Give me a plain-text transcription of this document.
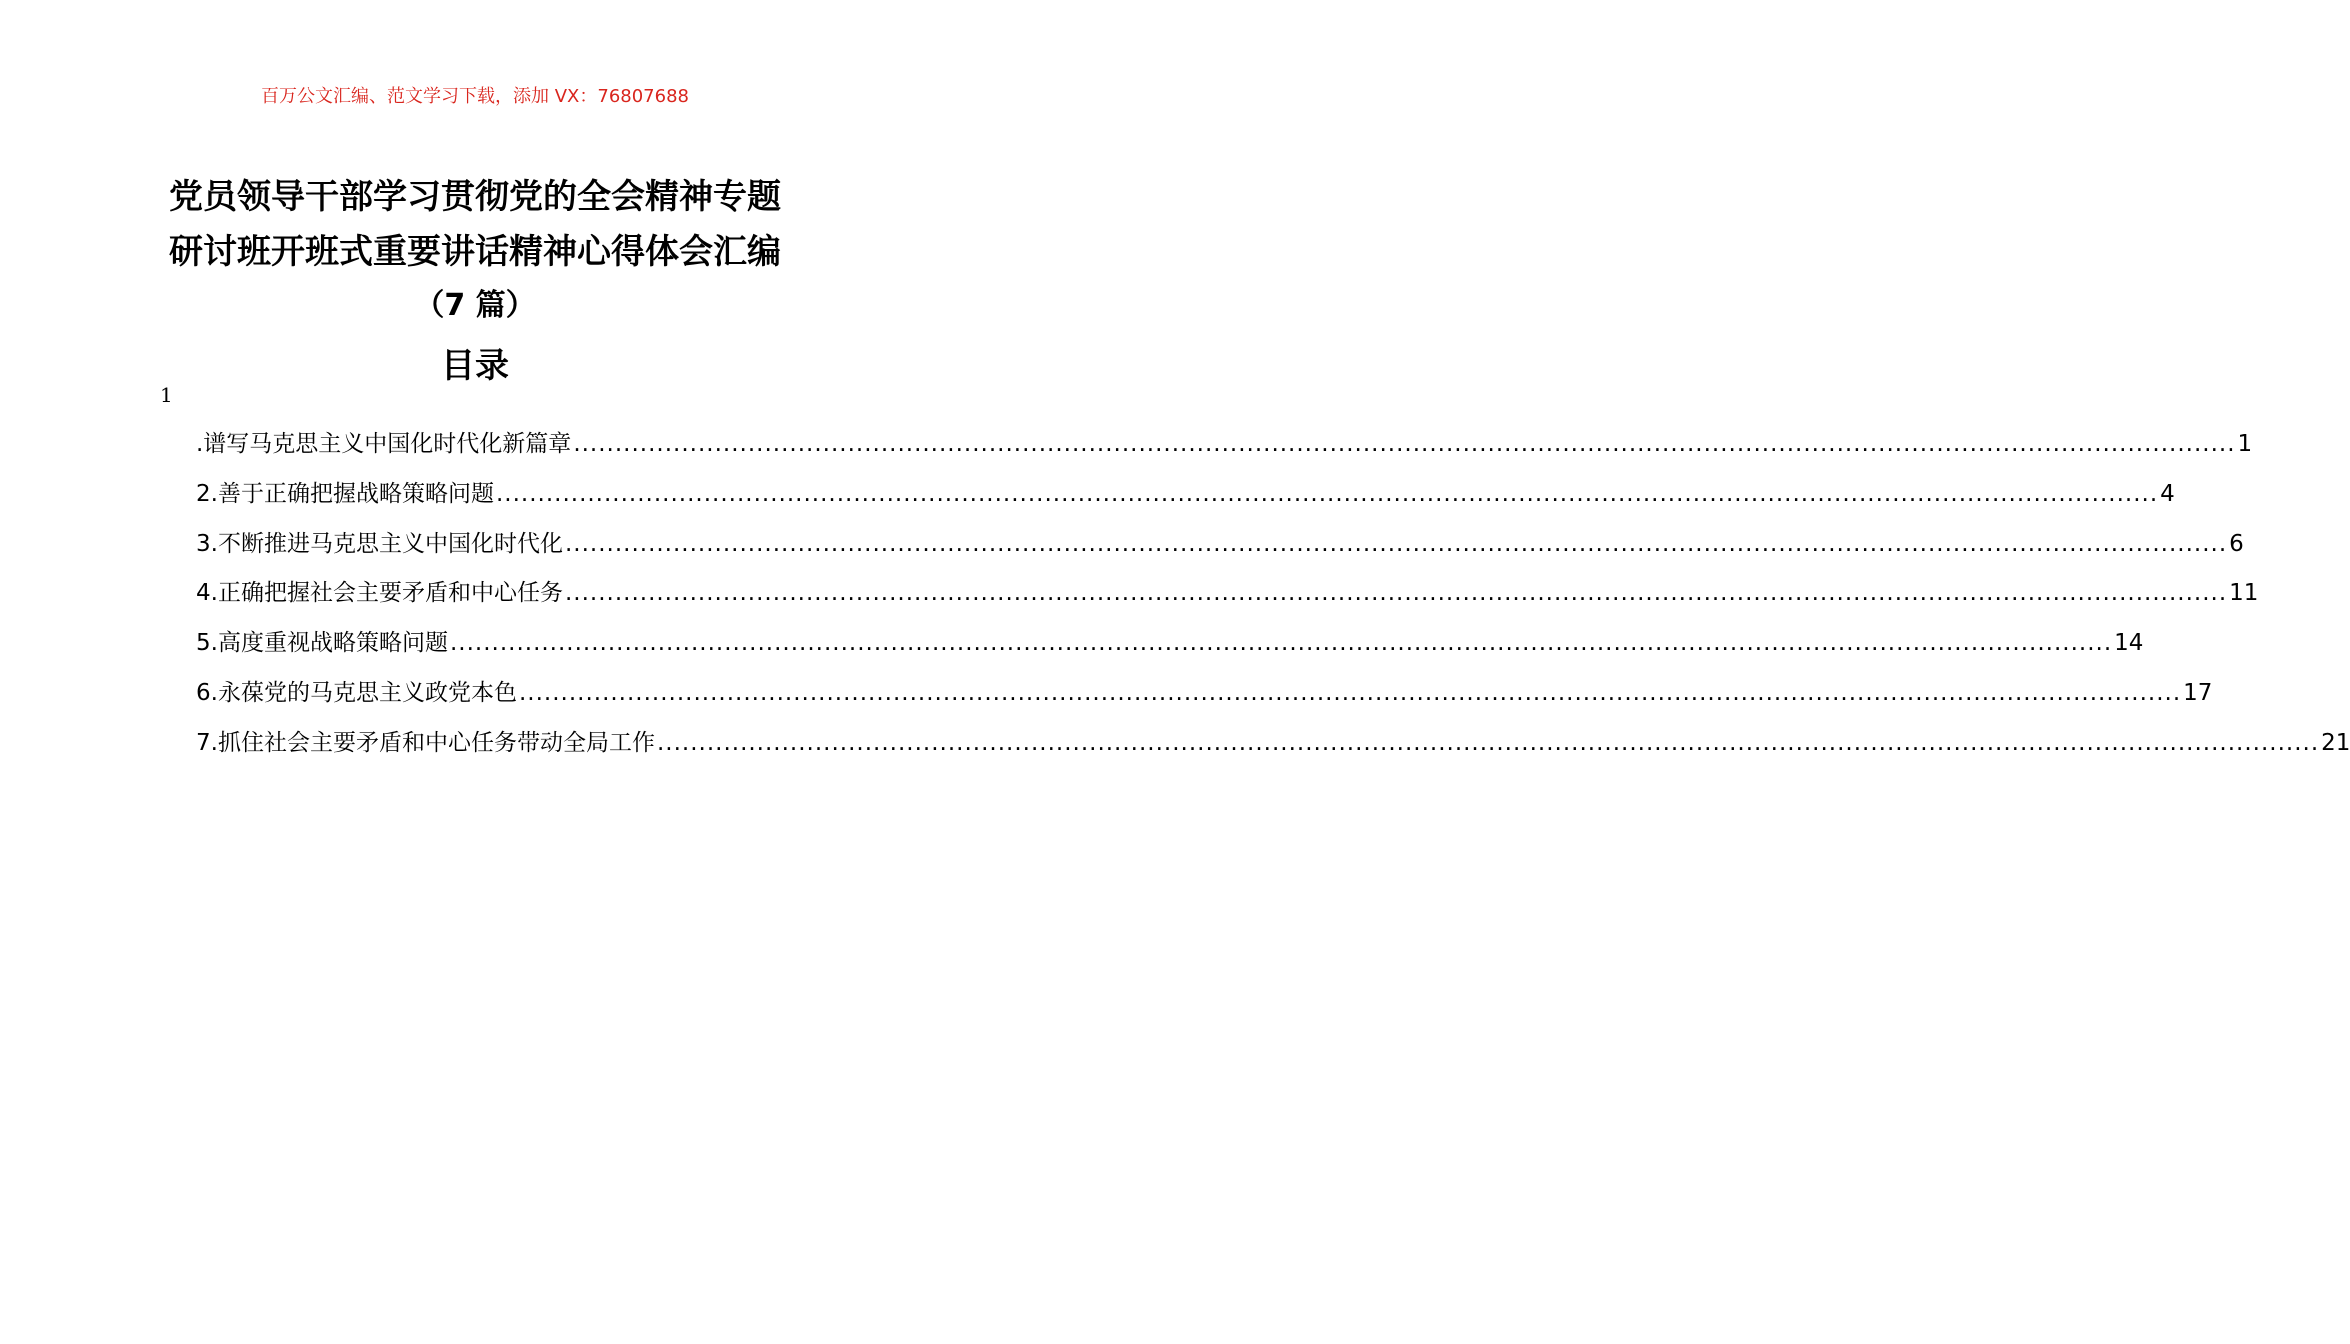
百万公文汇编、范文学习下载，添加 VX：76807688
党员领导干部学习贯彻党的全会精神专题
研讨班开班式重要讲话精神心得体会汇编
（7 篇）
目录
1
.谱写马克思主义中国化时代化新篇章 ........................................................................................................................................................................................................ 1
2.善于正确把握战略策略问题 ........................................................................................................................................................................................................ 4
3.不断推进马克思主义中国化时代化 ........................................................................................................................................................................................................ 6
4.正确把握社会主要矛盾和中心任务 ........................................................................................................................................................................................................ 11
5.高度重视战略策略问题 ........................................................................................................................................................................................................ 14
6.永葆党的马克思主义政党本色 ........................................................................................................................................................................................................ 17
7.抓住社会主要矛盾和中心任务带动全局工作 ........................................................................................................................................................................................................ 21
